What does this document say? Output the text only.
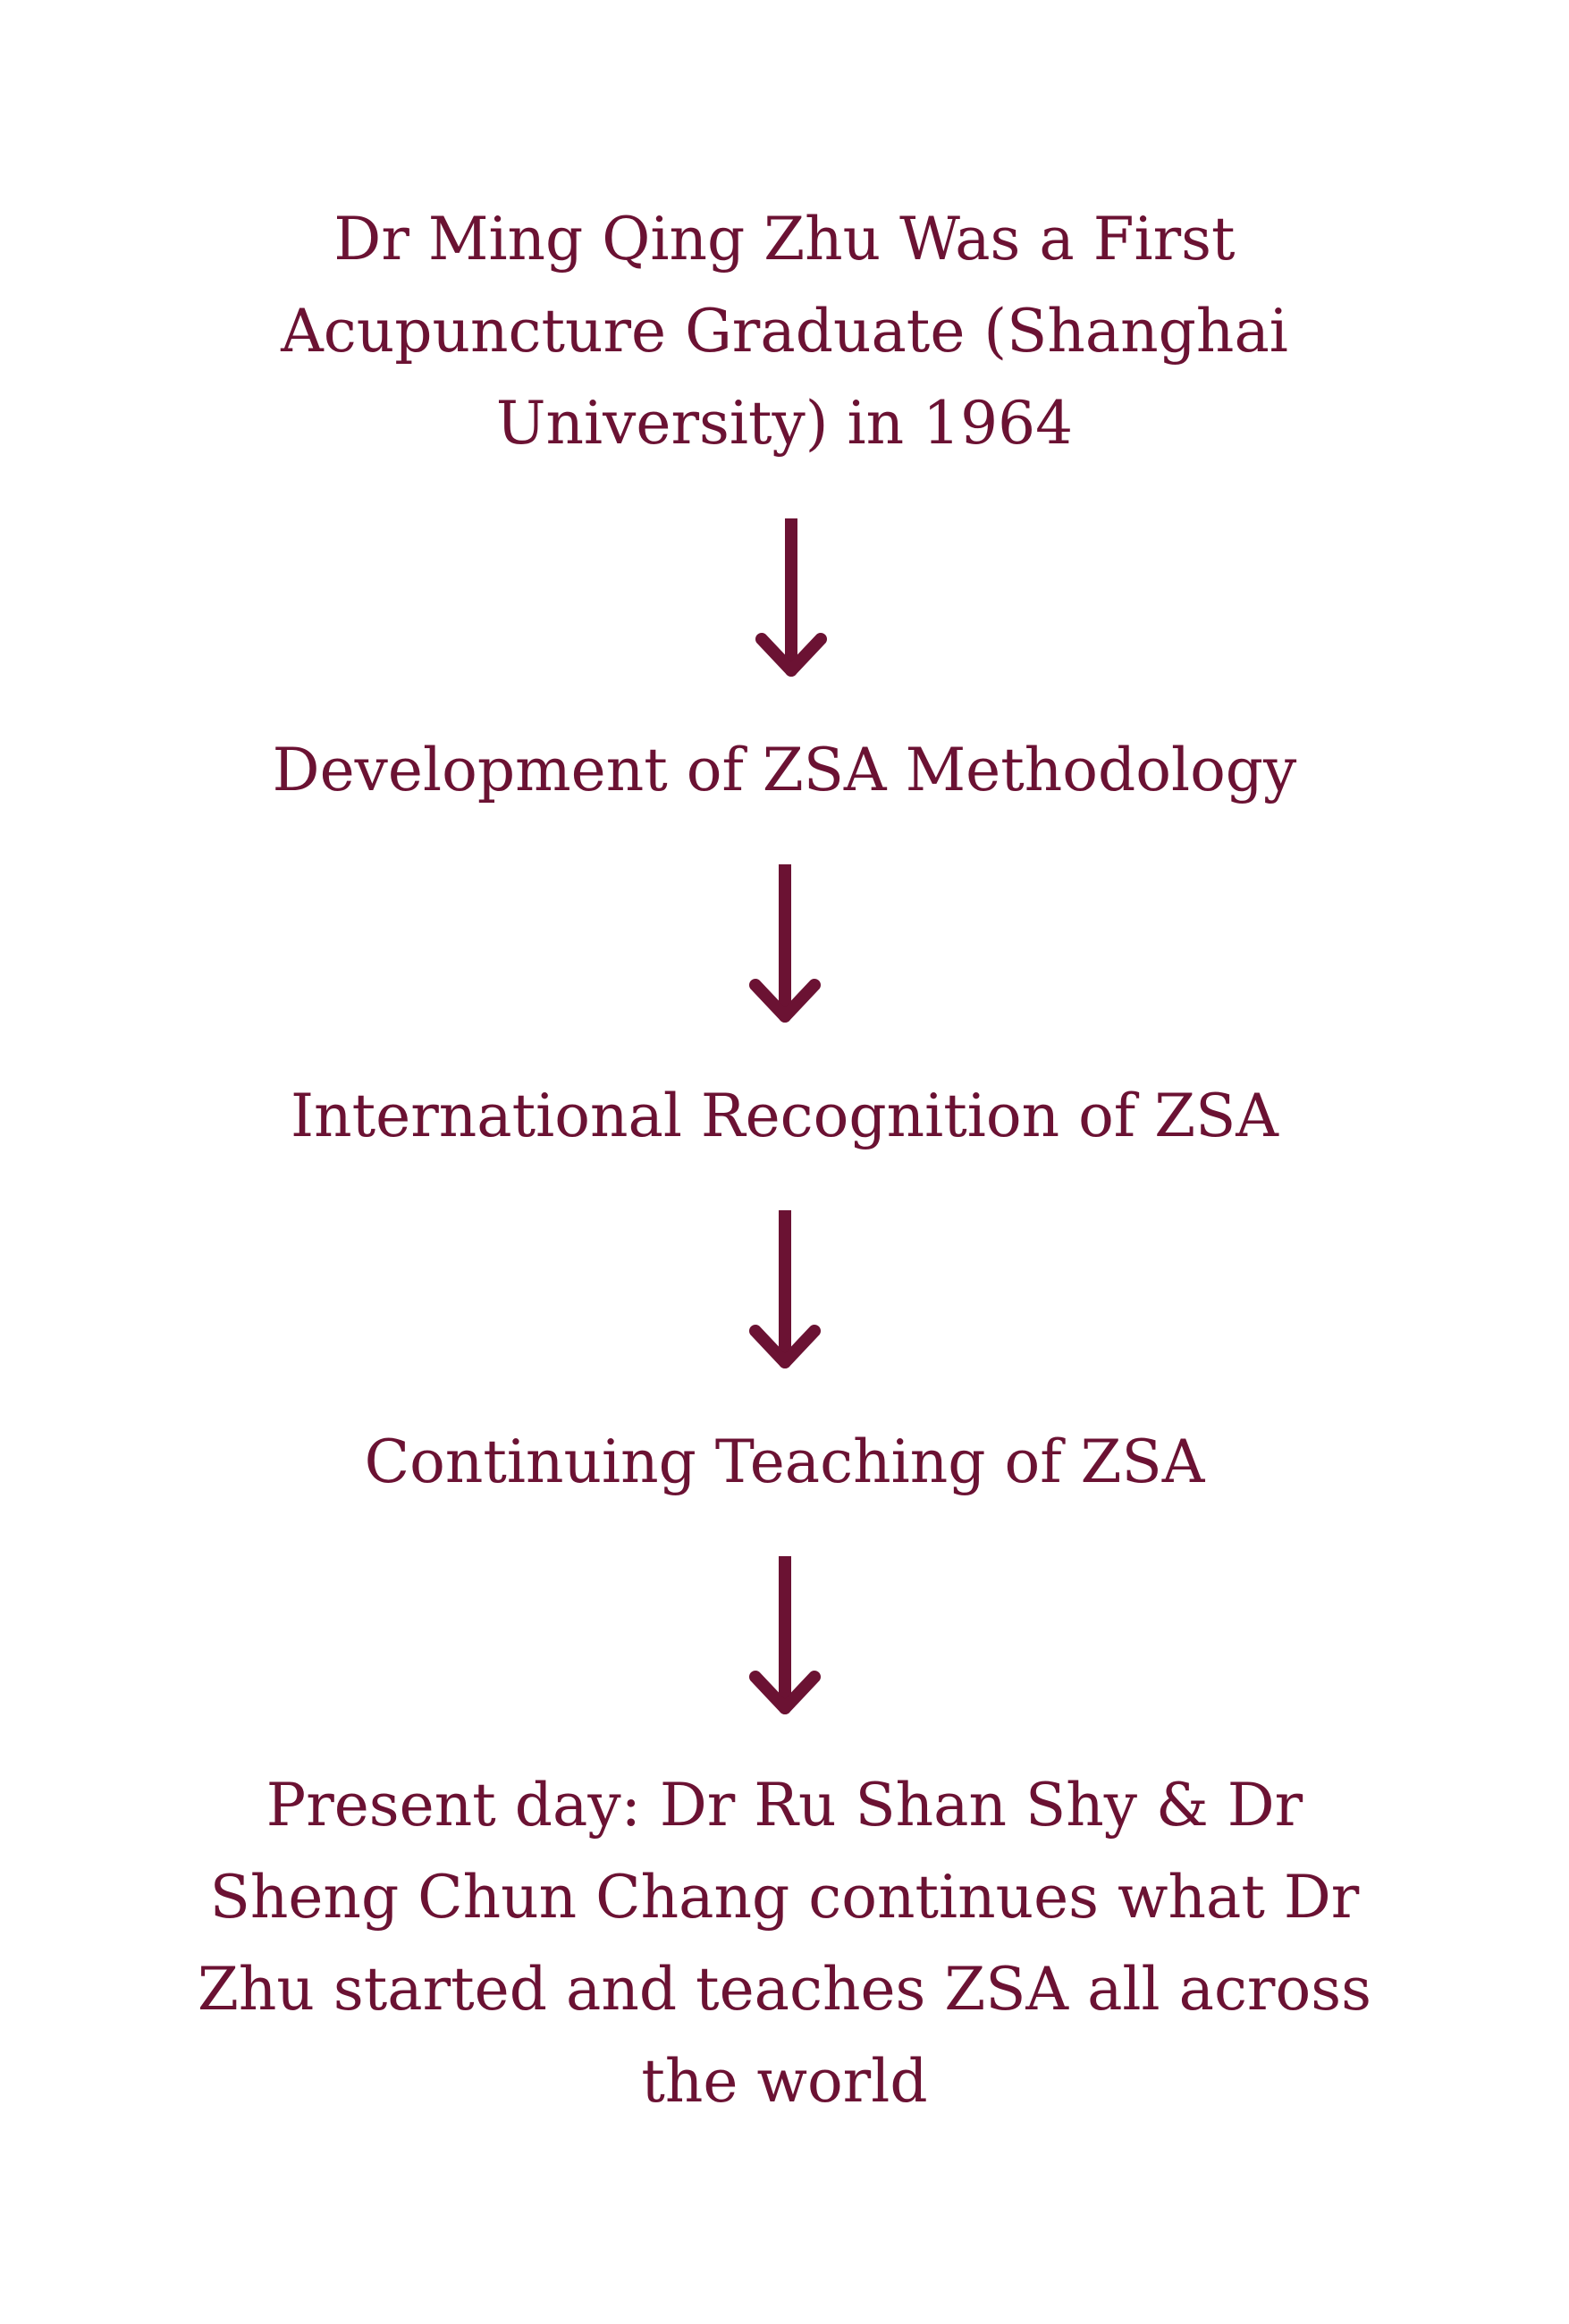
Dr Ming Qing Zhu Was a First Acupuncture Graduate (Shanghai University) in 1964
Development of ZSA Methodology
International Recognition of ZSA
Continuing Teaching of ZSA
Present day: Dr Ru Shan Shy & Dr Sheng Chun Chang continues what Dr Zhu started and teaches ZSA all across the world
